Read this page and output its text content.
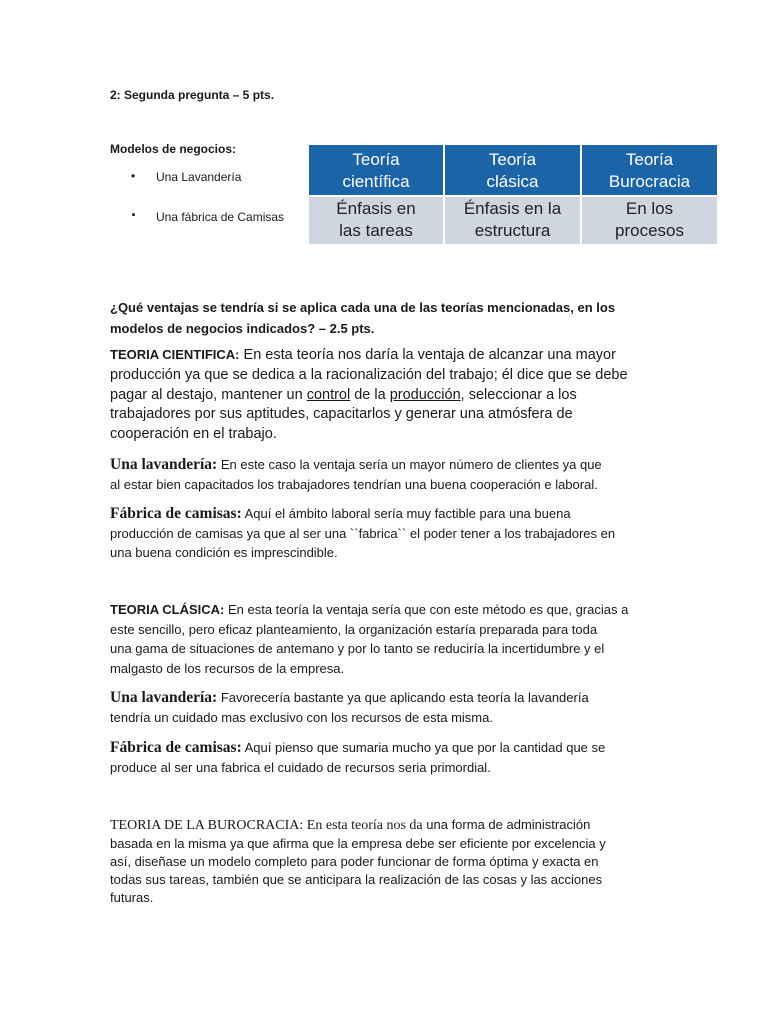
2: Segunda pregunta – 5 pts.
Modelos de negocios:
• Una Lavandería
. Una fábrica de Camisas
Teoría
científica
Teoría
clásica
Teoría
Burocracia
Énfasis en
las tareas
Énfasis en la
estructura
En los
procesos
¿Qué ventajas se tendría si se aplica cada una de las teorías mencionadas, en los
modelos de negocios indicados? – 2.5 pts.
TEORIA CIENTIFICA: En esta teoría nos daría la ventaja de alcanzar una mayor
producción ya que se dedica a la racionalización del trabajo; él dice que se debe
pagar al destajo, mantener un control de la producción, seleccionar a los
trabajadores por sus aptitudes, capacitarlos y generar una atmósfera de
cooperación en el trabajo.
Una lavandería: En este caso la ventaja sería un mayor número de clientes ya que
al estar bien capacitados los trabajadores tendrían una buena cooperación e laboral.
Fábrica de camisas: Aquí el ámbito laboral sería muy factible para una buena
producción de camisas ya que al ser una ``fabrica`` el poder tener a los trabajadores en
una buena condición es imprescindible.
TEORIA CLÁSICA: En esta teoría la ventaja sería que con este método es que, gracias a
este sencillo, pero eficaz planteamiento, la organización estaría preparada para toda
una gama de situaciones de antemano y por lo tanto se reduciría la incertidumbre y el
malgasto de los recursos de la empresa.
Una lavandería: Favorecería bastante ya que aplicando esta teoría la lavandería
tendría un cuidado mas exclusivo con los recursos de esta misma.
Fábrica de camisas: Aquí pienso que sumaria mucho ya que por la cantidad que se
produce al ser una fabrica el cuidado de recursos seria primordial.
TEORIA DE LA BUROCRACIA: En esta teoría nos da una forma de administración
basada en la misma ya que afirma que la empresa debe ser eficiente por excelencia y
así, diseñase un modelo completo para poder funcionar de forma óptima y exacta en
todas sus tareas, también que se anticipara la realización de las cosas y las acciones
futuras.
